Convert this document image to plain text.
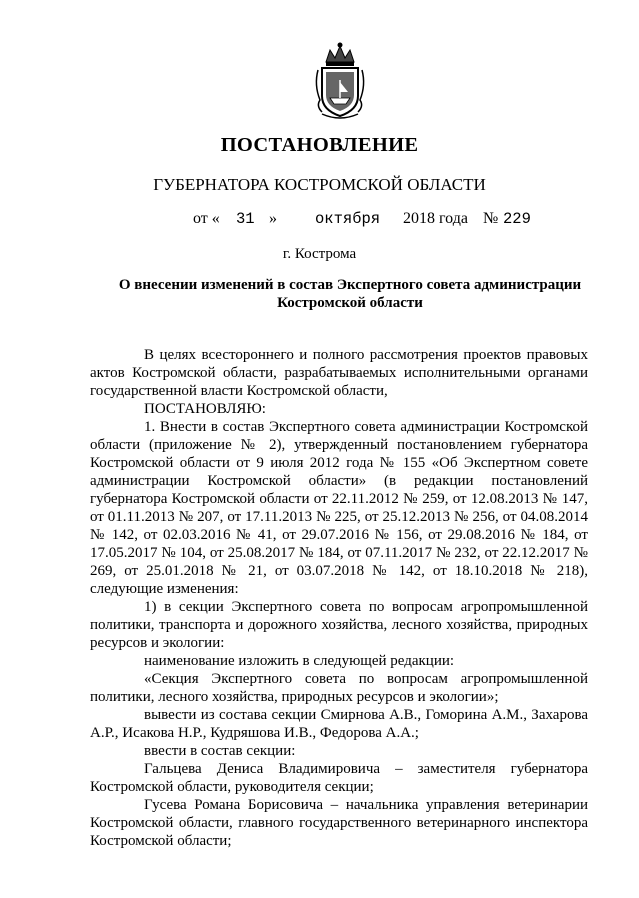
ПОСТАНОВЛЕНИЕ
ГУБЕРНАТОРА КОСТРОМСКОЙ ОБЛАСТИ
от « 31 » октября 2018 года № 229
г. Кострома
О внесении изменений в состав Экспертного совета администрации
Костромской области

В целях всестороннего и полного рассмотрения проектов правовых актов Костромской области, разрабатываемых исполнительными органами государственной власти Костромской области,

ПОСТАНОВЛЯЮ:

1. Внести в состав Экспертного совета администрации Костромской области (приложение № 2), утвержденный постановлением губернатора Костромской области от 9 июля 2012 года № 155 «Об Экспертном совете администрации Костромской области» (в редакции постановлений губернатора Костромской области от 22.11.2012 № 259, от 12.08.2013 № 147, от 01.11.2013 № 207, от 17.11.2013 № 225, от 25.12.2013 № 256, от 04.08.2014 № 142, от 02.03.2016 № 41, от 29.07.2016 № 156, от 29.08.2016 № 184, от 17.05.2017 № 104, от 25.08.2017 № 184, от 07.11.2017 № 232, от 22.12.2017 № 269, от 25.01.2018 № 21, от 03.07.2018 № 142, от 18.10.2018 № 218), следующие изменения:

1) в секции Экспертного совета по вопросам агропромышленной политики, транспорта и дорожного хозяйства, лесного хозяйства, природных ресурсов и экологии:

наименование изложить в следующей редакции:

«Секция Экспертного совета по вопросам агропромышленной политики, лесного хозяйства, природных ресурсов и экологии»;

вывести из состава секции Смирнова А.В., Гоморина А.М., Захарова А.Р., Исакова Н.Р., Кудряшова И.В., Федорова А.А.;

ввести в состав секции:

Гальцева Дениса Владимировича – заместителя губернатора Костромской области, руководителя секции;

Гусева Романа Борисовича – начальника управления ветеринарии Костромской области, главного государственного ветеринарного инспектора Костромской области;
